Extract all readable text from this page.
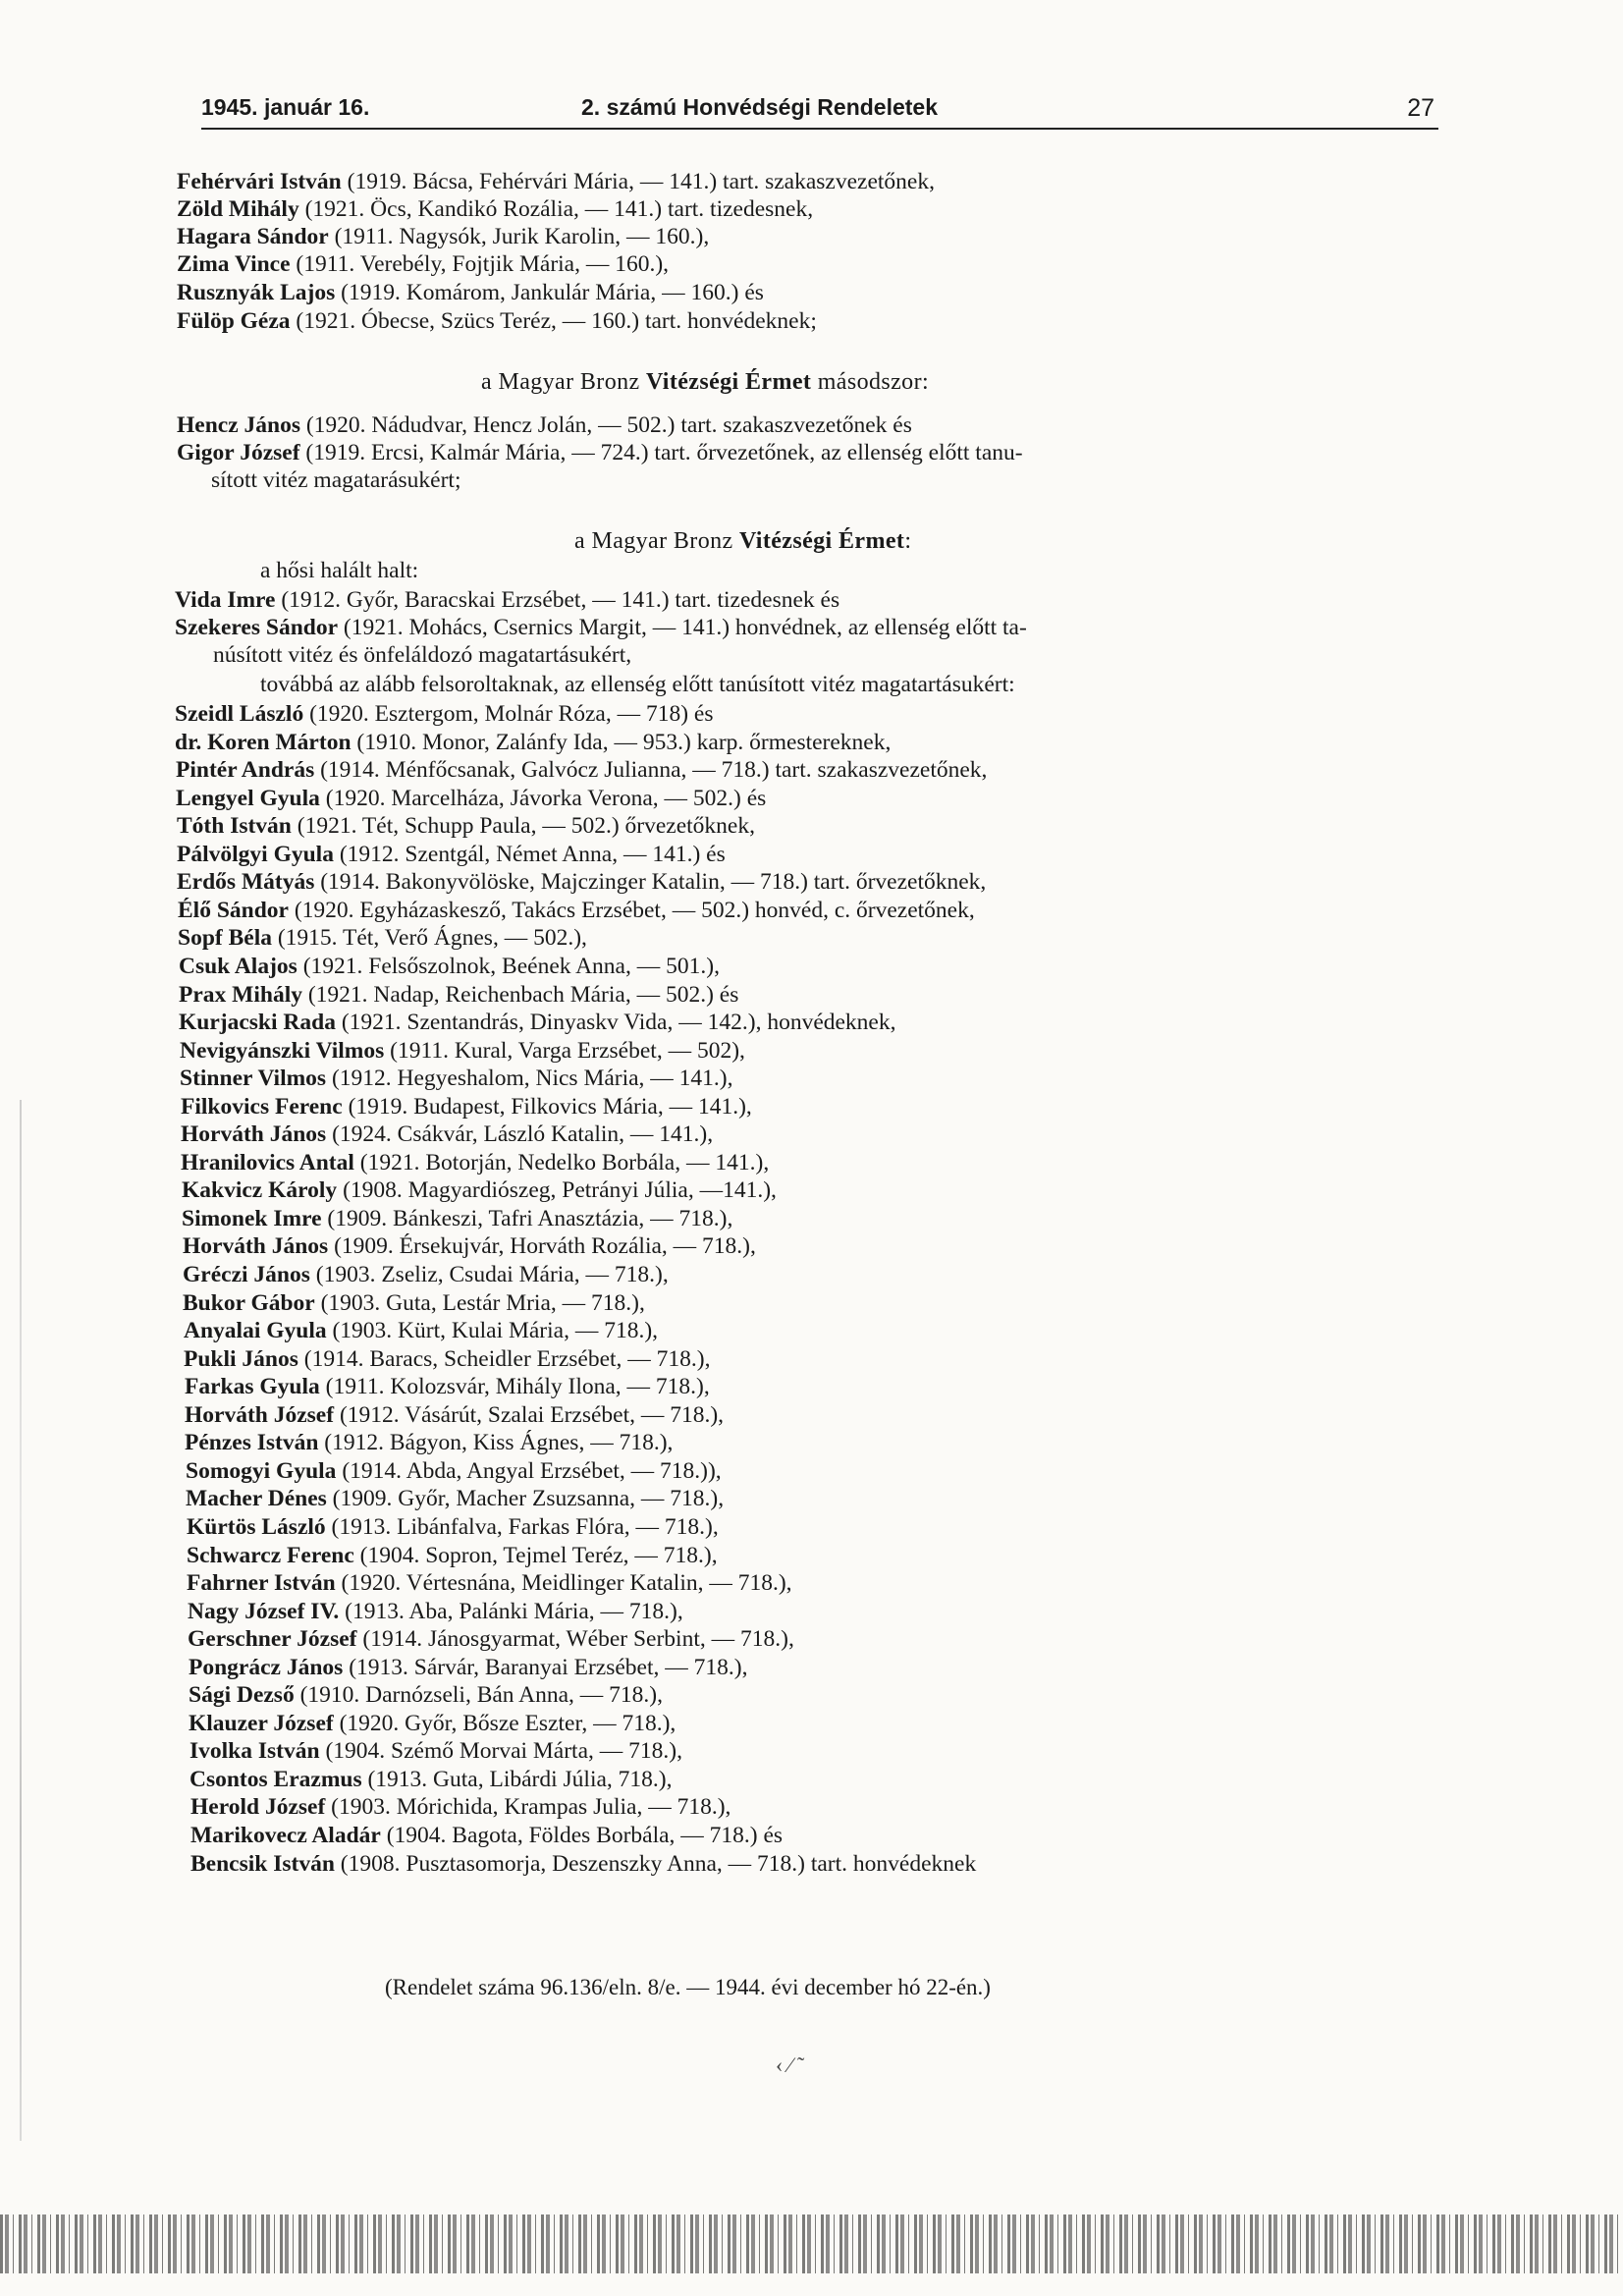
1945. január 16.	2. számú Honvédségi Rendeletek	27
Fehérvári István (1919. Bácsa, Fehérvári Mária, — 141.) tart. szakaszvezetőnek,
Zöld Mihály (1921. Öcs, Kandikó Rozália, — 141.) tart. tizedesnek,
Hagara Sándor (1911. Nagysók, Jurik Karolin, — 160.),
Zima Vince (1911. Verebély, Fojtjik Mária, — 160.),
Rusznyák Lajos (1919. Komárom, Jankulár Mária, — 160.) és
Fülöp Géza (1921. Óbecse, Szücs Teréz, — 160.) tart. honvédeknek;
a Magyar Bronz Vitézségi Érmet másodszor:
Hencz János (1920. Nádudvar, Hencz Jolán, — 502.) tart. szakaszvezetőnek és
Gigor József (1919. Ercsi, Kalmár Mária, — 724.) tart. őrvezetőnek, az ellenség előtt tanu-
sított vitéz magatarásukért;
a Magyar Bronz Vitézségi Érmet:
a hősi halált halt:
Vida Imre (1912. Győr, Baracskai Erzsébet, — 141.) tart. tizedesnek és
Szekeres Sándor (1921. Mohács, Csernics Margit, — 141.) honvédnek, az ellenség előtt ta-
núsított vitéz és önfeláldozó magatartásukért,
továbbá az alább felsoroltaknak, az ellenség előtt tanúsított vitéz magatartásukért:
Szeidl László (1920. Esztergom, Molnár Róza, — 718) és
dr. Koren Márton (1910. Monor, Zalánfy Ida, — 953.) karp. őrmestereknek,
Pintér András (1914. Ménfőcsanak, Galvócz Julianna, — 718.) tart. szakaszvezetőnek,
Lengyel Gyula (1920. Marcelháza, Jávorka Verona, — 502.) és
Tóth István (1921. Tét, Schupp Paula, — 502.) őrvezetőknek,
Pálvölgyi Gyula (1912. Szentgál, Német Anna, — 141.) és
Erdős Mátyás (1914. Bakonyvölöske, Majczinger Katalin, — 718.) tart. őrvezetőknek,
Élő Sándor (1920. Egyházaskesző, Takács Erzsébet, — 502.) honvéd, c. őrvezetőnek,
Sopf Béla (1915. Tét, Verő Ágnes, — 502.),
Csuk Alajos (1921. Felsőszolnok, Beének Anna, — 501.),
Prax Mihály (1921. Nadap, Reichenbach Mária, — 502.) és
Kurjacski Rada (1921. Szentandrás, Dinyaskv Vida, — 142.), honvédeknek,
Nevigyánszki Vilmos (1911. Kural, Varga Erzsébet, — 502),
Stinner Vilmos (1912. Hegyeshalom, Nics Mária, — 141.),
Filkovics Ferenc (1919. Budapest, Filkovics Mária, — 141.),
Horváth János (1924. Csákvár, László Katalin, — 141.),
Hranilovics Antal (1921. Botorján, Nedelko Borbála, — 141.),
Kakvicz Károly (1908. Magyardiószeg, Petrányi Júlia, —141.),
Simonek Imre (1909. Bánkeszi, Tafri Anasztázia, — 718.),
Horváth János (1909. Érsekujvár, Horváth Rozália, — 718.),
Gréczi János (1903. Zseliz, Csudai Mária, — 718.),
Bukor Gábor (1903. Guta, Lestár Mria, — 718.),
Anyalai Gyula (1903. Kürt, Kulai Mária, — 718.),
Pukli János (1914. Baracs, Scheidler Erzsébet, — 718.),
Farkas Gyula (1911. Kolozsvár, Mihály Ilona, — 718.),
Horváth József (1912. Vásárút, Szalai Erzsébet, — 718.),
Pénzes István (1912. Bágyon, Kiss Ágnes, — 718.),
Somogyi Gyula (1914. Abda, Angyal Erzsébet, — 718.)),
Macher Dénes (1909. Győr, Macher Zsuzsanna, — 718.),
Kürtös László (1913. Libánfalva, Farkas Flóra, — 718.),
Schwarcz Ferenc (1904. Sopron, Tejmel Teréz, — 718.),
Fahrner István (1920. Vértesnána, Meidlinger Katalin, — 718.),
Nagy József IV. (1913. Aba, Palánki Mária, — 718.),
Gerschner József (1914. Jánosgyarmat, Wéber Serbint, — 718.),
Pongrácz János (1913. Sárvár, Baranyai Erzsébet, — 718.),
Sági Dezső (1910. Darnózseli, Bán Anna, — 718.),
Klauzer József (1920. Győr, Bősze Eszter, — 718.),
Ivolka István (1904. Szémő Morvai Márta, — 718.),
Csontos Erazmus (1913. Guta, Libárdi Júlia, 718.),
Herold József (1903. Mórichida, Krampas Julia, — 718.),
Marikovecz Aladár (1904. Bagota, Földes Borbála, — 718.) és
Bencsik István (1908. Pusztasomorja, Deszenszky Anna, — 718.) tart. honvédeknek
(Rendelet száma 96.136/eln. 8/e. — 1944. évi december hó 22-én.)
‹ ⁄ ˜
